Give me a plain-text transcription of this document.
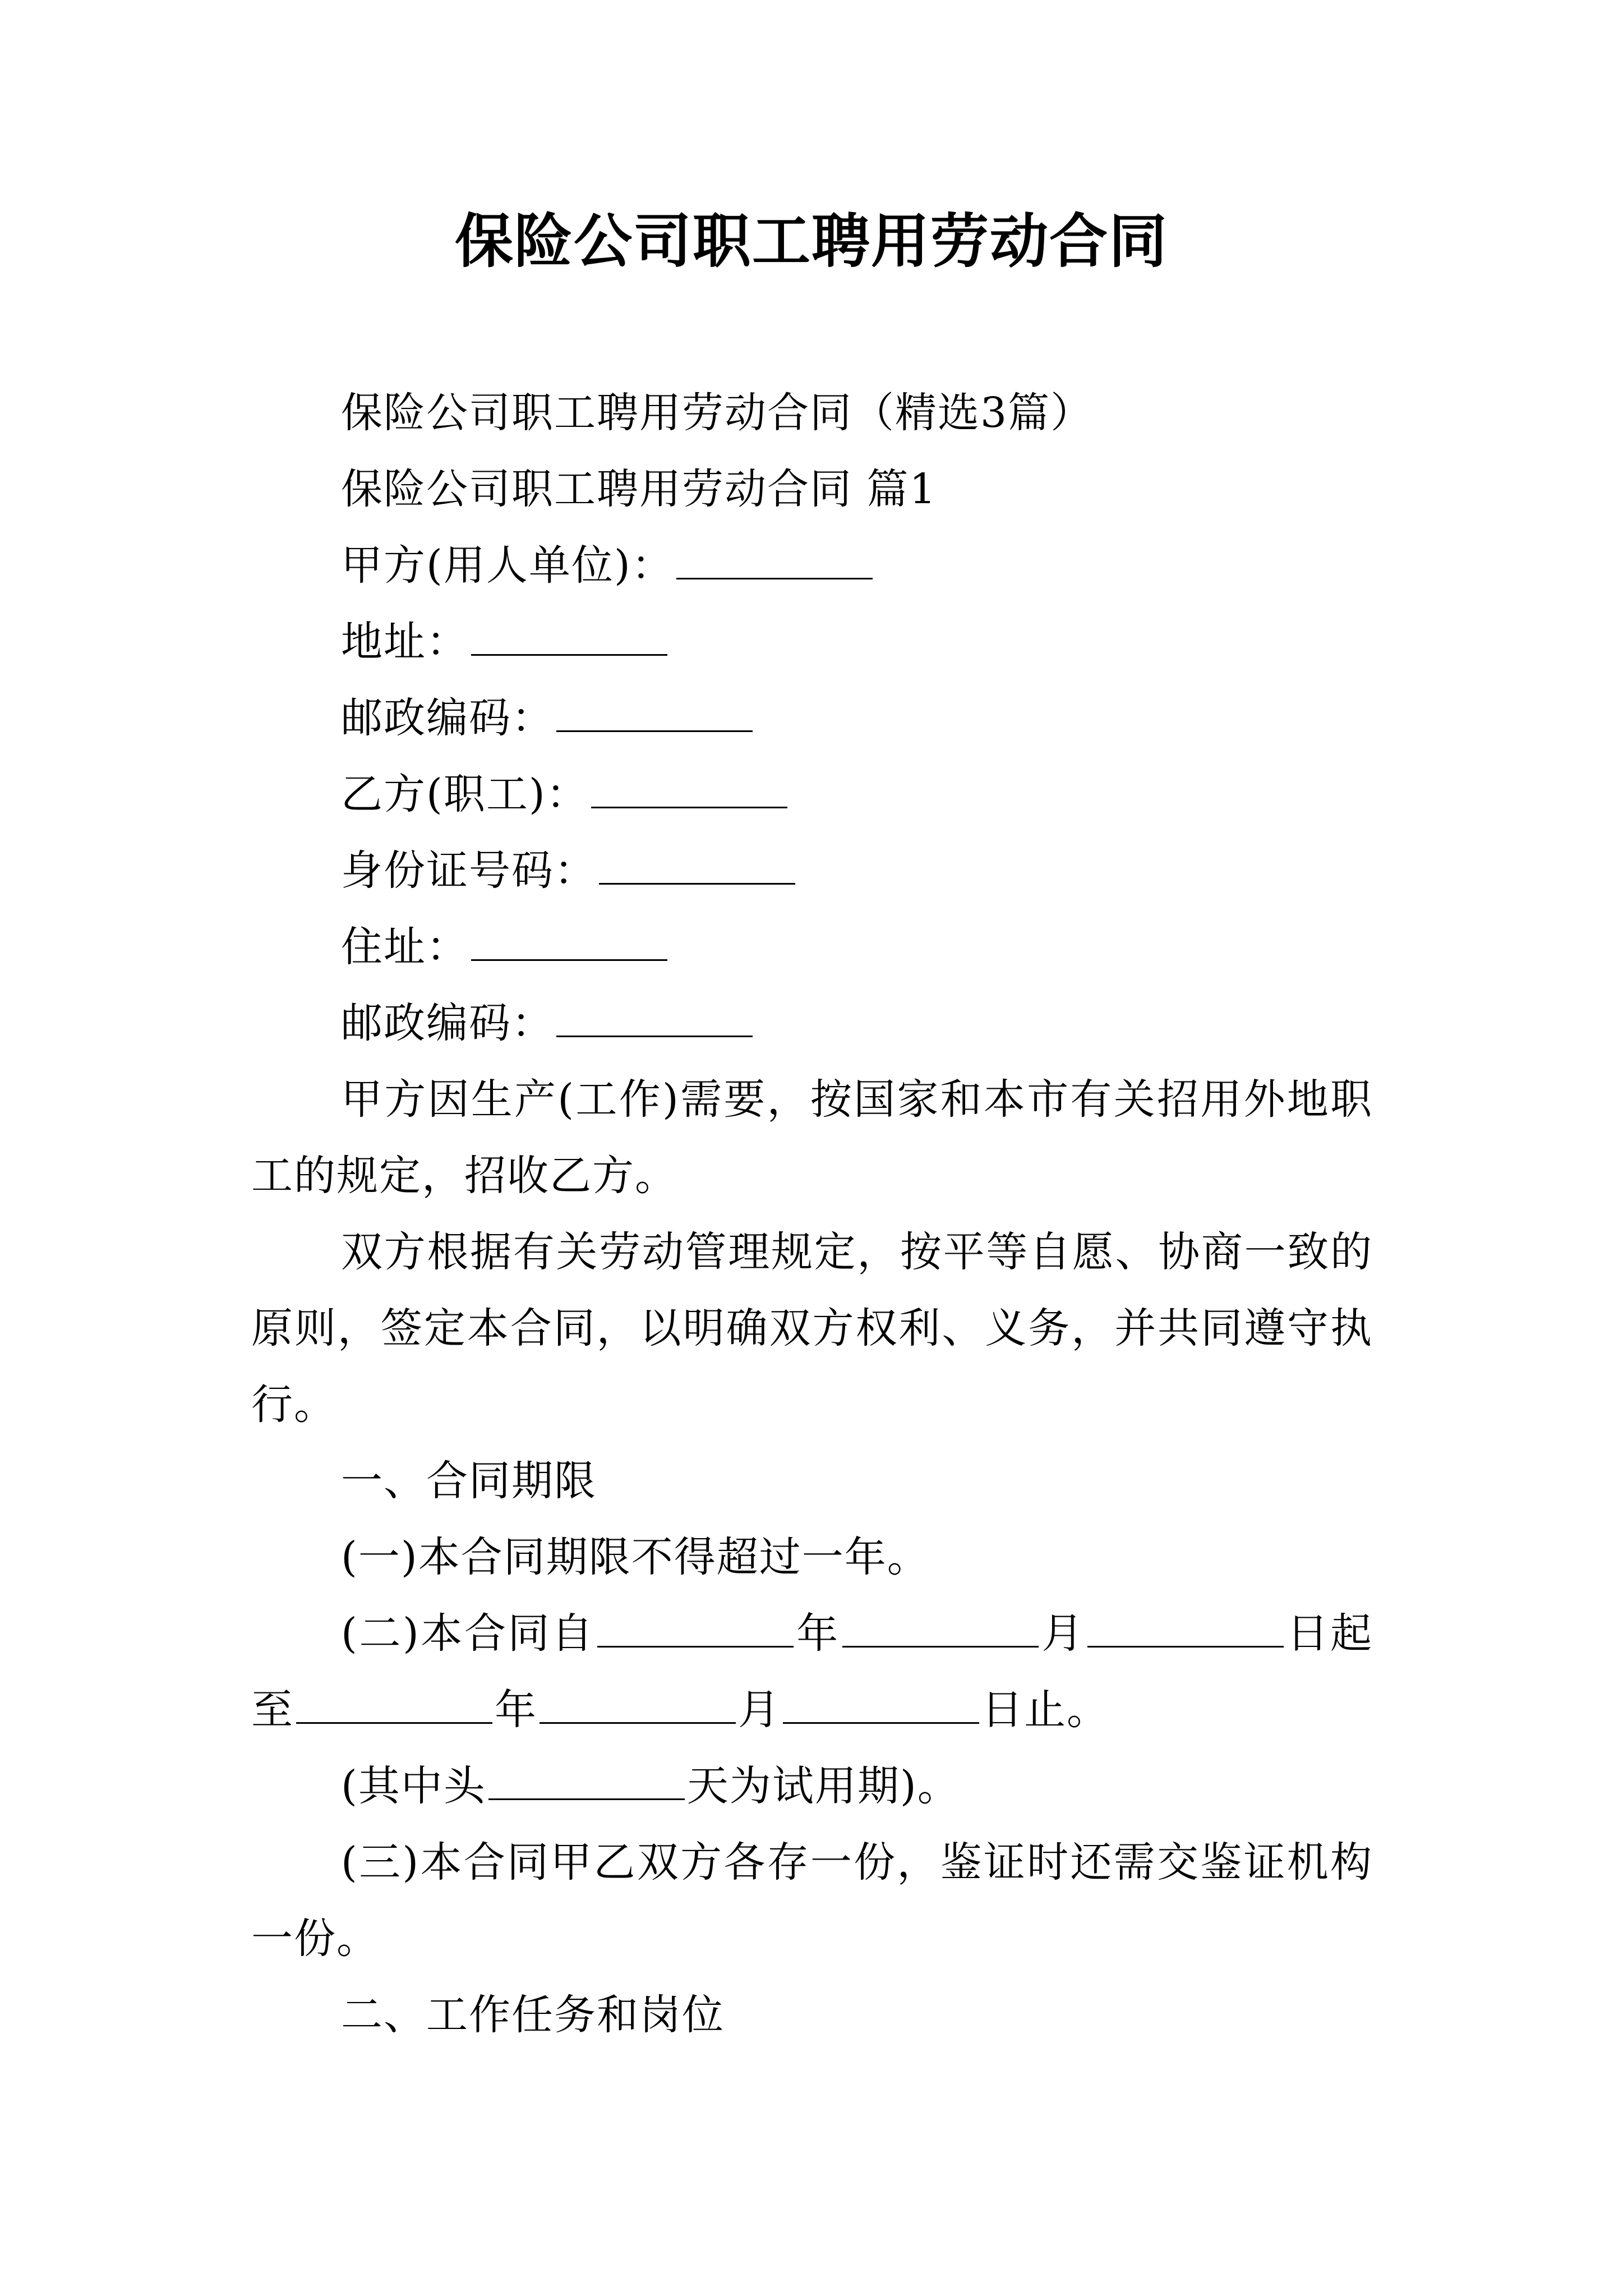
保险公司职工聘用劳动合同

保险公司职工聘用劳动合同（精选3篇）

保险公司职工聘用劳动合同 篇1

甲方(用人单位)：

地址：

邮政编码：

乙方(职工)：

身份证号码：

住址：

邮政编码：

甲方因生产(工作)需要，按国家和本市有关招用外地职工的规定，招收乙方。

双方根据有关劳动管理规定，按平等自愿、协商一致的原则，签定本合同，以明确双方权利、义务，并共同遵守执行。

一、合同期限

(一)本合同期限不得超过一年。

(二)本合同自	年	月	日起至	年	月	日止。

(其中头	天为试用期)。

(三)本合同甲乙双方各存一份，鉴证时还需交鉴证机构一份。

二、工作任务和岗位
